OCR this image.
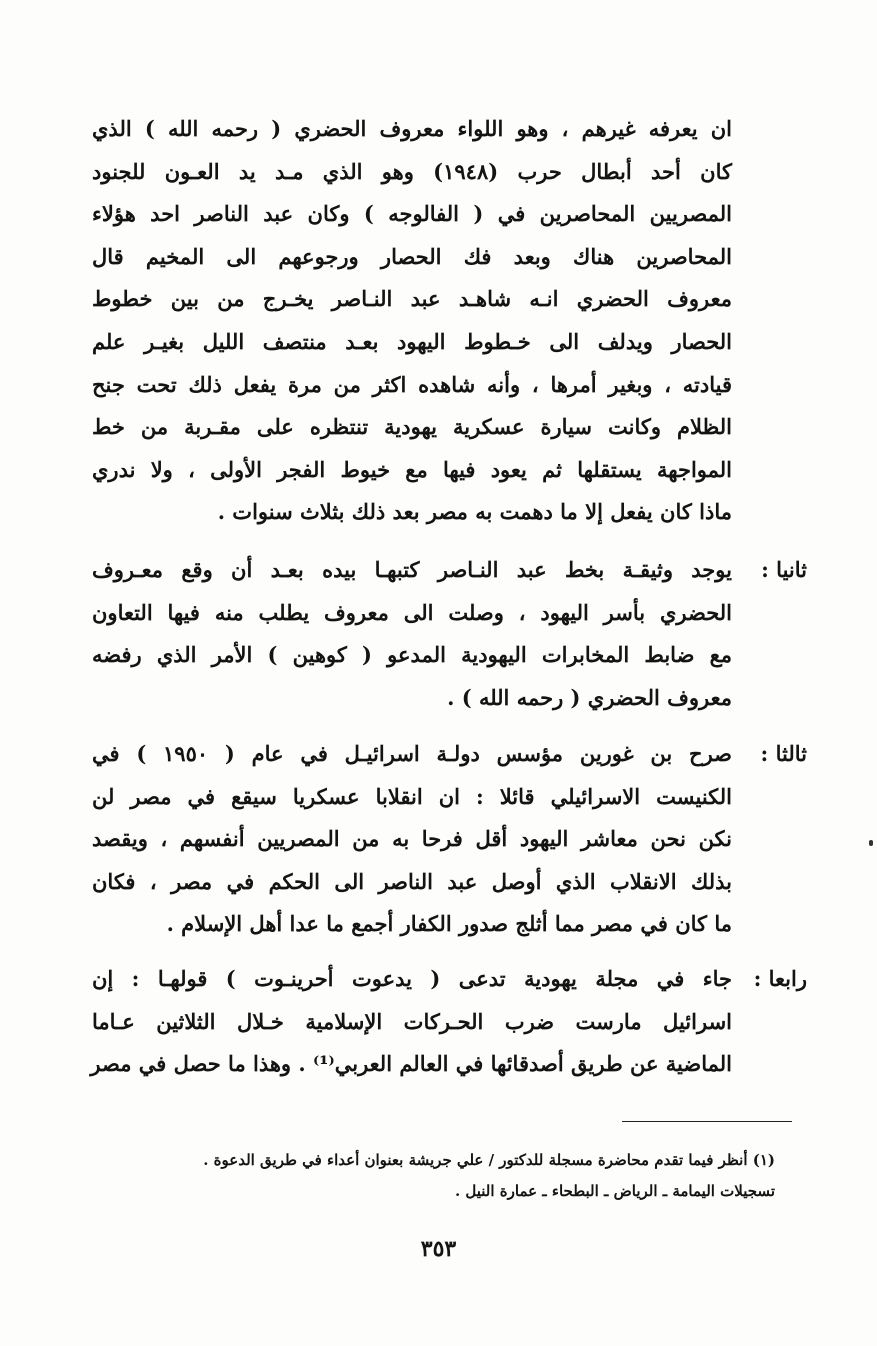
ان يعرفه غيرهم ، وهو اللواء معروف الحضري ( رحمه الله ) الذي
كان أحد أبطال حرب (١٩٤٨) وهو الذي مـد يد العـون للجنود
المصريين المحاصرين في ( الفالوجه ) وكان عبد الناصر احد هؤلاء
المحاصرين هناك وبعد فك الحصار ورجوعهم الى المخيم قال
معروف الحضري انـه شاهـد عبد النـاصر يخـرج من بين خطوط
الحصار ويدلف الى خـطوط اليهود بعـد منتصف الليل بغيـر علم
قيادته ، وبغير أمرها ، وأنه شاهده اكثر من مرة يفعل ذلك تحت جنح
الظلام وكانت سيارة عسكرية يهودية تنتظره على مقـربة من خط
المواجهة يستقلها ثم يعود فيها مع خيوط الفجر الأولى ، ولا ندري
ماذا كان يفعل إلا ما دهمت به مصر بعد ذلك بثلاث سنوات .
ثانيا :
يوجد وثيقـة بخط عبد النـاصر كتبهـا بيده بعـد أن وقع معـروف
الحضري بأسر اليهود ، وصلت الى معروف يطلب منه فيها التعاون
مع ضابط المخابرات اليهودية المدعو ( كوهين ) الأمر الذي رفضه
معروف الحضري ( رحمه الله ) .
ثالثا :
صرح بن غورين مؤسس دولـة اسرائيـل في عام ( ١٩٥٠ ) في
الكنيست الاسرائيلي قائلا : ان انقلابا عسكريا سيقع في مصر لن
نكن نحن معاشر اليهود أقل فرحا به من المصريين أنفسهم ، ويقصد
بذلك الانقلاب الذي أوصل عبد الناصر الى الحكم في مصر ، فكان
ما كان في مصر مما أثلج صدور الكفار أجمع ما عدا أهل الإسلام .
رابعا :
جاء في مجلة يهودية تدعى ( يدعوت أحرينـوت ) قولهـا : إن
اسرائيل مارست ضرب الحـركات الإسلامية خـلال الثلاثين عـاما
الماضية عن طريق أصدقائها في العالم العربي⁽¹⁾ . وهذا ما حصل في مصر
(١) أنظر فيما تقدم محاضرة مسجلة للدكتور / علي جريشة بعنوان أعداء في طريق الدعوة .
تسجيلات اليمامة ـ الرياض ـ البطحاء ـ عمارة النيل .
٣٥٣
